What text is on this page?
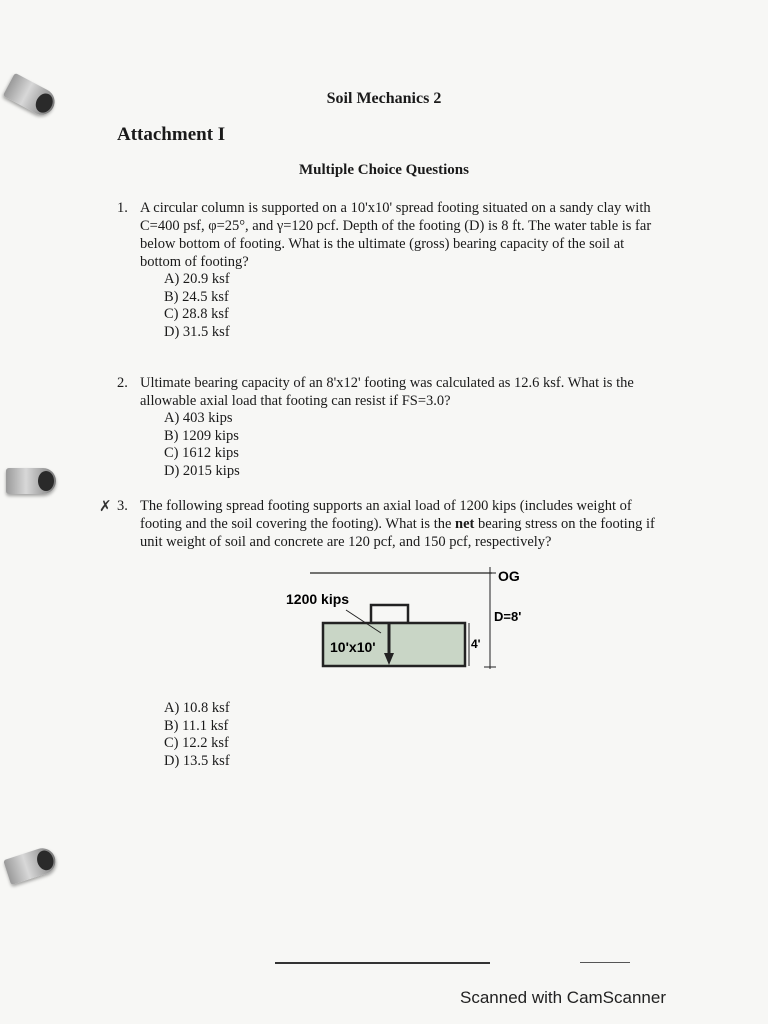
Soil Mechanics 2
Attachment I
Multiple Choice Questions
1. A circular column is supported on a 10'x10' spread footing situated on a sandy clay with C=400 psf, φ=25°, and γ=120 pcf. Depth of the footing (D) is 8 ft. The water table is far below bottom of footing. What is the ultimate (gross) bearing capacity of the soil at bottom of footing?
A) 20.9 ksf
B) 24.5 ksf
C) 28.8 ksf
D) 31.5 ksf
2. Ultimate bearing capacity of an 8'x12' footing was calculated as 12.6 ksf. What is the allowable axial load that footing can resist if FS=3.0?
A) 403 kips
B) 1209 kips
C) 1612 kips
D) 2015 kips
✗ 3. The following spread footing supports an axial load of 1200 kips (includes weight of footing and the soil covering the footing). What is the net bearing stress on the footing if unit weight of soil and concrete are 120 pcf, and 150 pcf, respectively?
1200 kips
10'x10'	4'
OG
D=8'
A) 10.8 ksf
B) 11.1 ksf
C) 12.2 ksf
D) 13.5 ksf
Scanned with CamScanner
